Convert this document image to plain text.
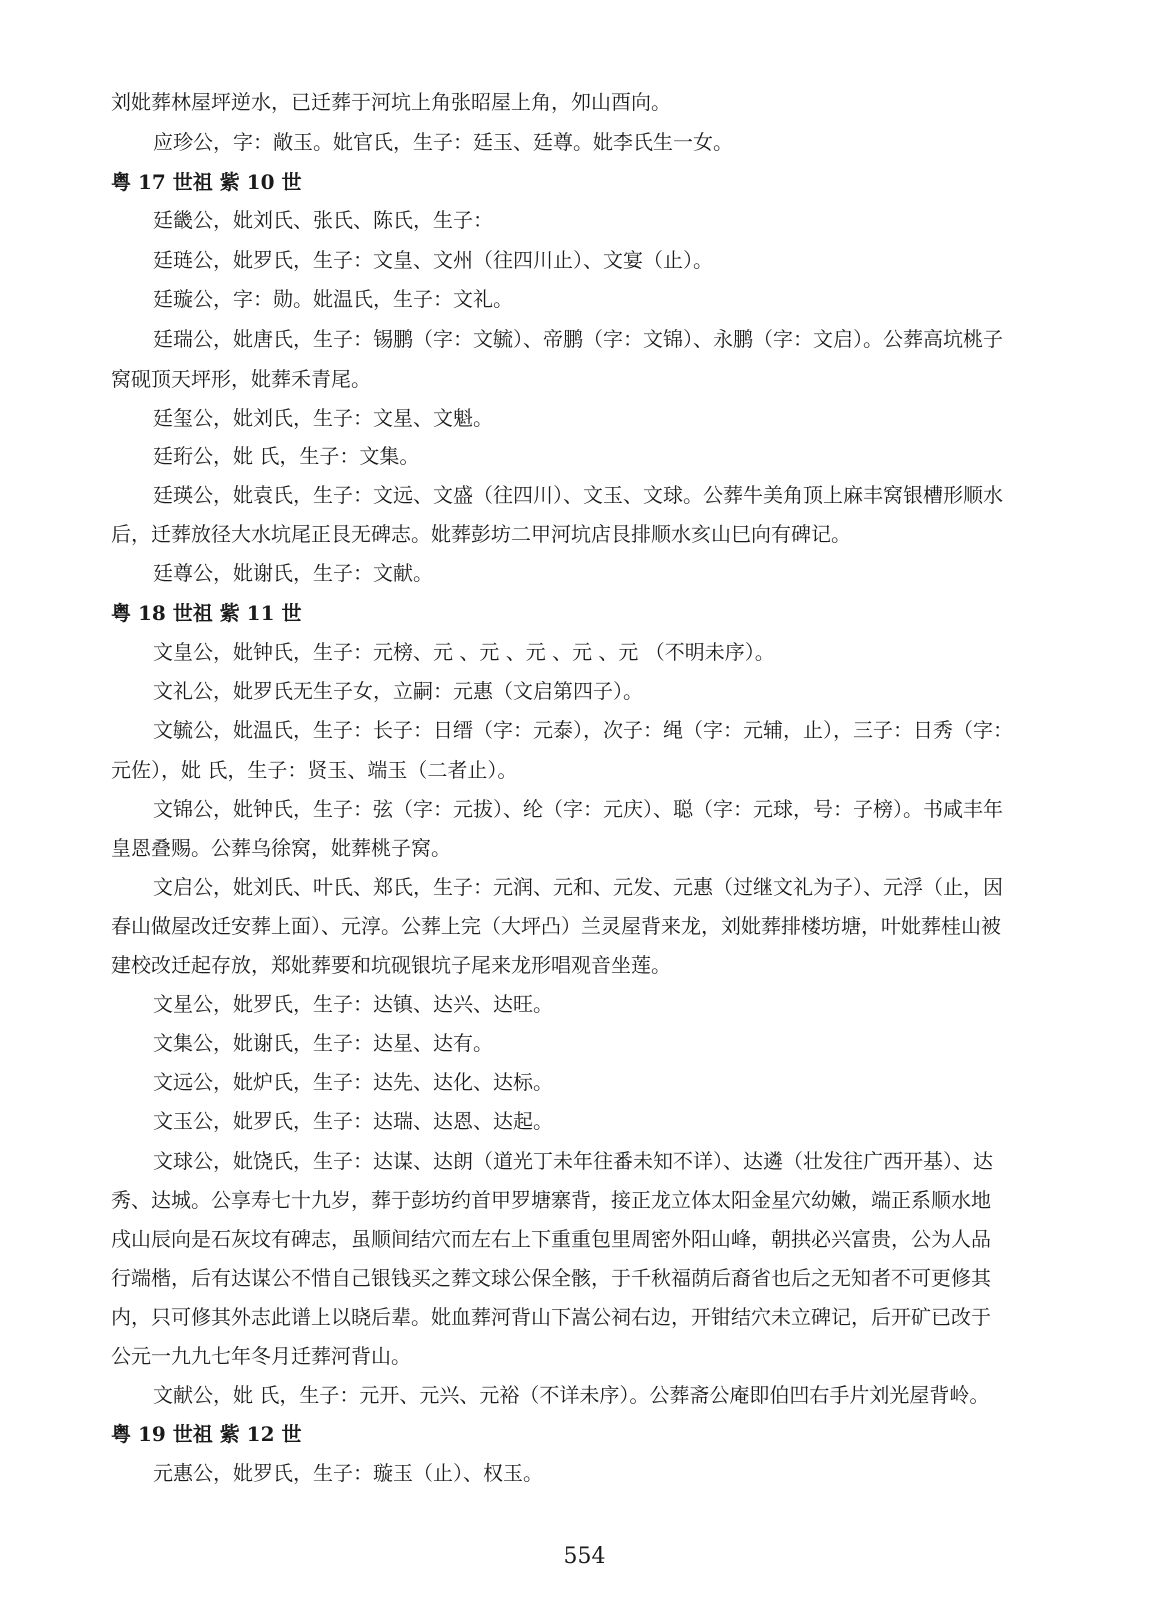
刘妣葬林屋坪逆水，已迁葬于河坑上角张昭屋上角，夘山酉向。
应珍公，字：敞玉。妣官氏，生子：廷玉、廷尊。妣李氏生一女。
粤 17 世祖 紫 10 世
廷畿公，妣刘氏、张氏、陈氏，生子：
廷琏公，妣罗氏，生子：文皇、文州（往四川止）、文宴（止）。
廷璇公，字：勋。妣温氏，生子：文礼。
廷瑞公，妣唐氏，生子：锡鹏（字：文毓）、帝鹏（字：文锦）、永鹏（字：文启）。公葬高坑桃子
窝砚顶天坪形，妣葬禾青尾。
廷玺公，妣刘氏，生子：文星、文魁。
廷珩公，妣 氏，生子：文集。
廷瑛公，妣袁氏，生子：文远、文盛（往四川）、文玉、文球。公葬牛美角顶上麻丰窝银槽形顺水
后，迁葬放径大水坑尾正艮无碑志。妣葬彭坊二甲河坑店艮排顺水亥山巳向有碑记。
廷尊公，妣谢氏，生子：文献。
粤 18 世祖 紫 11 世
文皇公，妣钟氏，生子：元榜、元 、元 、元 、元 、元 （不明未序）。
文礼公，妣罗氏无生子女，立嗣：元惠（文启第四子）。
文毓公，妣温氏，生子：长子：日缙（字：元泰），次子：绳（字：元辅，止），三子：日秀（字：
元佐），妣 氏，生子：贤玉、端玉（二者止）。
文锦公，妣钟氏，生子：弦（字：元拔）、纶（字：元庆）、聪（字：元球，号：子榜）。书咸丰年
皇恩叠赐。公葬乌徐窝，妣葬桃子窝。
文启公，妣刘氏、叶氏、郑氏，生子：元润、元和、元发、元惠（过继文礼为子）、元浮（止，因
春山做屋改迁安葬上面）、元淳。公葬上完（大坪凸）兰灵屋背来龙，刘妣葬排楼坊塘，叶妣葬桂山被
建校改迁起存放，郑妣葬要和坑砚银坑子尾来龙形唱观音坐莲。
文星公，妣罗氏，生子：达镇、达兴、达旺。
文集公，妣谢氏，生子：达星、达有。
文远公，妣炉氏，生子：达先、达化、达标。
文玉公，妣罗氏，生子：达瑞、达恩、达起。
文球公，妣饶氏，生子：达谋、达朗（道光丁未年往番未知不详）、达遴（壮发往广西开基）、达
秀、达城。公享寿七十九岁，葬于彭坊约首甲罗塘寨背，接正龙立体太阳金星穴幼嫩，端正系顺水地
戌山辰向是石灰坟有碑志，虽顺间结穴而左右上下重重包里周密外阳山峰，朝拱必兴富贵，公为人品
行端楷，后有达谋公不惜自己银钱买之葬文球公保全骸，于千秋福荫后裔省也后之无知者不可更修其
内，只可修其外志此谱上以晓后辈。妣血葬河背山下嵩公祠右边，开钳结穴未立碑记，后开矿已改于
公元一九九七年冬月迁葬河背山。
文献公，妣 氏，生子：元开、元兴、元裕（不详未序）。公葬斋公庵即伯凹右手片刘光屋背岭。
粤 19 世祖 紫 12 世
元惠公，妣罗氏，生子：璇玉（止）、权玉。
554
